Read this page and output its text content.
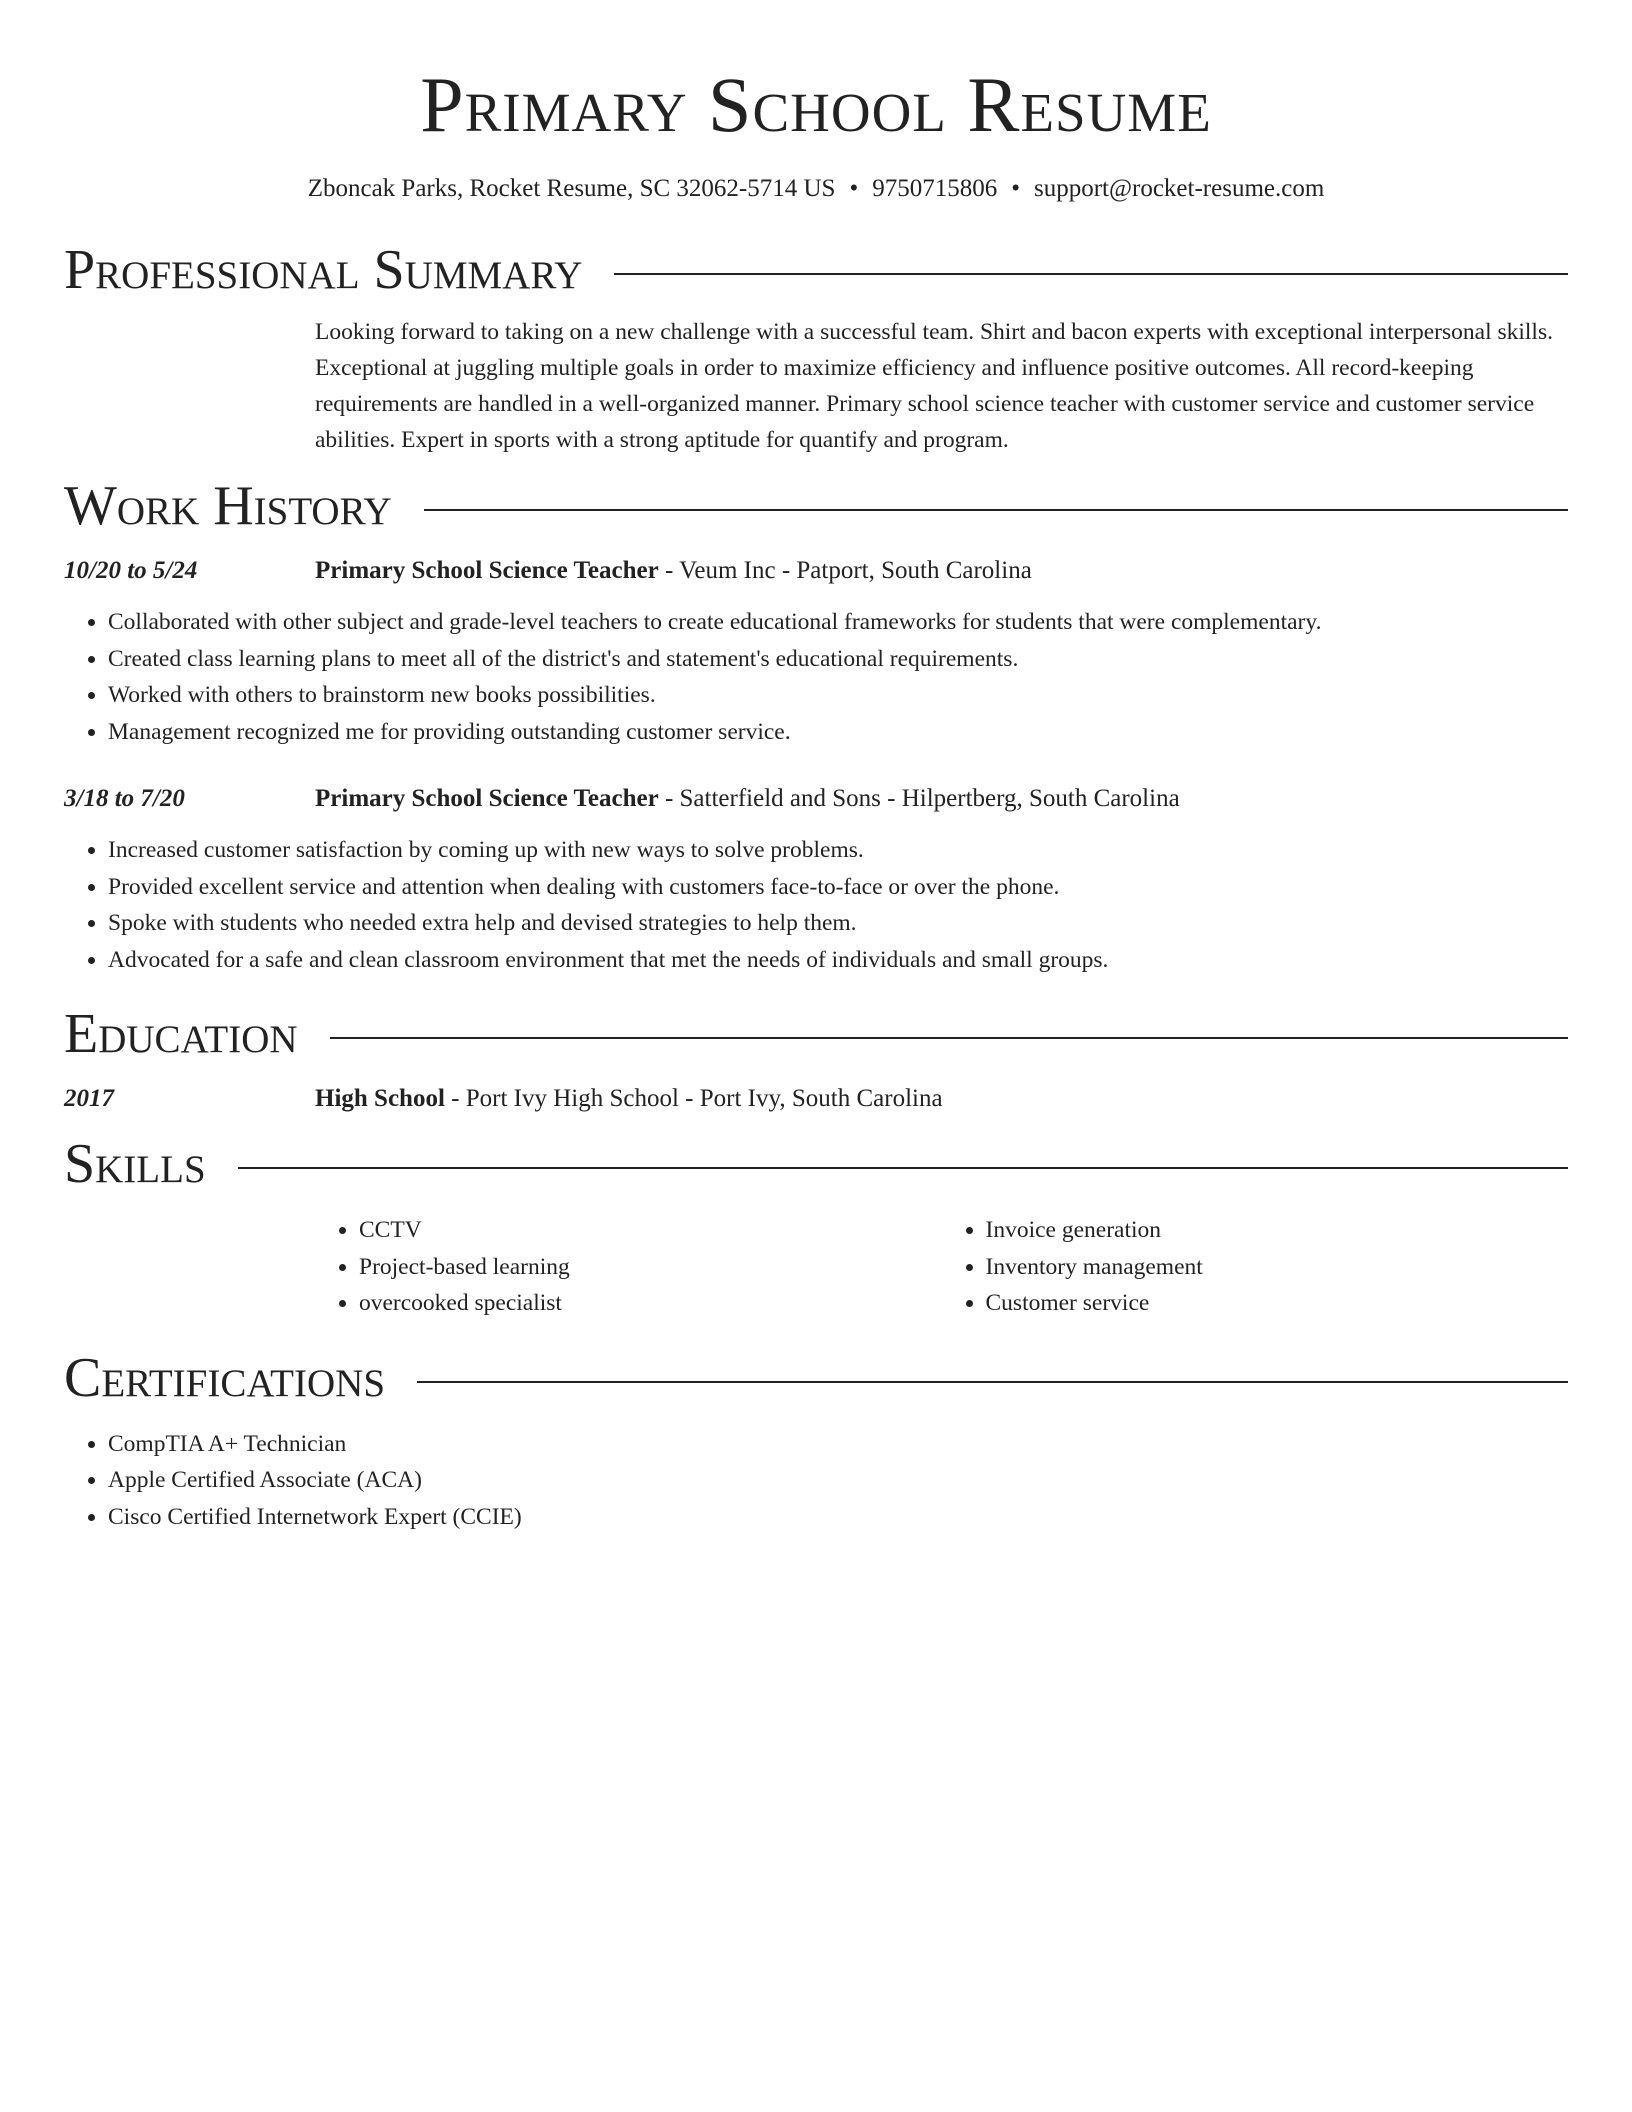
Primary School Resume
Zboncak Parks, Rocket Resume, SC 32062-5714 US • 9750715806 • support@rocket-resume.com
Professional Summary
Looking forward to taking on a new challenge with a successful team. Shirt and bacon experts with exceptional interpersonal skills. Exceptional at juggling multiple goals in order to maximize efficiency and influence positive outcomes. All record-keeping requirements are handled in a well-organized manner. Primary school science teacher with customer service and customer service abilities. Expert in sports with a strong aptitude for quantify and program.
Work History
10/20 to 5/24	Primary School Science Teacher - Veum Inc - Patport, South Carolina
• Collaborated with other subject and grade-level teachers to create educational frameworks for students that were complementary.
• Created class learning plans to meet all of the district's and statement's educational requirements.
• Worked with others to brainstorm new books possibilities.
• Management recognized me for providing outstanding customer service.
3/18 to 7/20	Primary School Science Teacher - Satterfield and Sons - Hilpertberg, South Carolina
• Increased customer satisfaction by coming up with new ways to solve problems.
• Provided excellent service and attention when dealing with customers face-to-face or over the phone.
• Spoke with students who needed extra help and devised strategies to help them.
• Advocated for a safe and clean classroom environment that met the needs of individuals and small groups.
Education
2017	High School - Port Ivy High School - Port Ivy, South Carolina
Skills
• CCTV
• Project-based learning
• overcooked specialist
• Invoice generation
• Inventory management
• Customer service
Certifications
• CompTIA A+ Technician
• Apple Certified Associate (ACA)
• Cisco Certified Internetwork Expert (CCIE)
